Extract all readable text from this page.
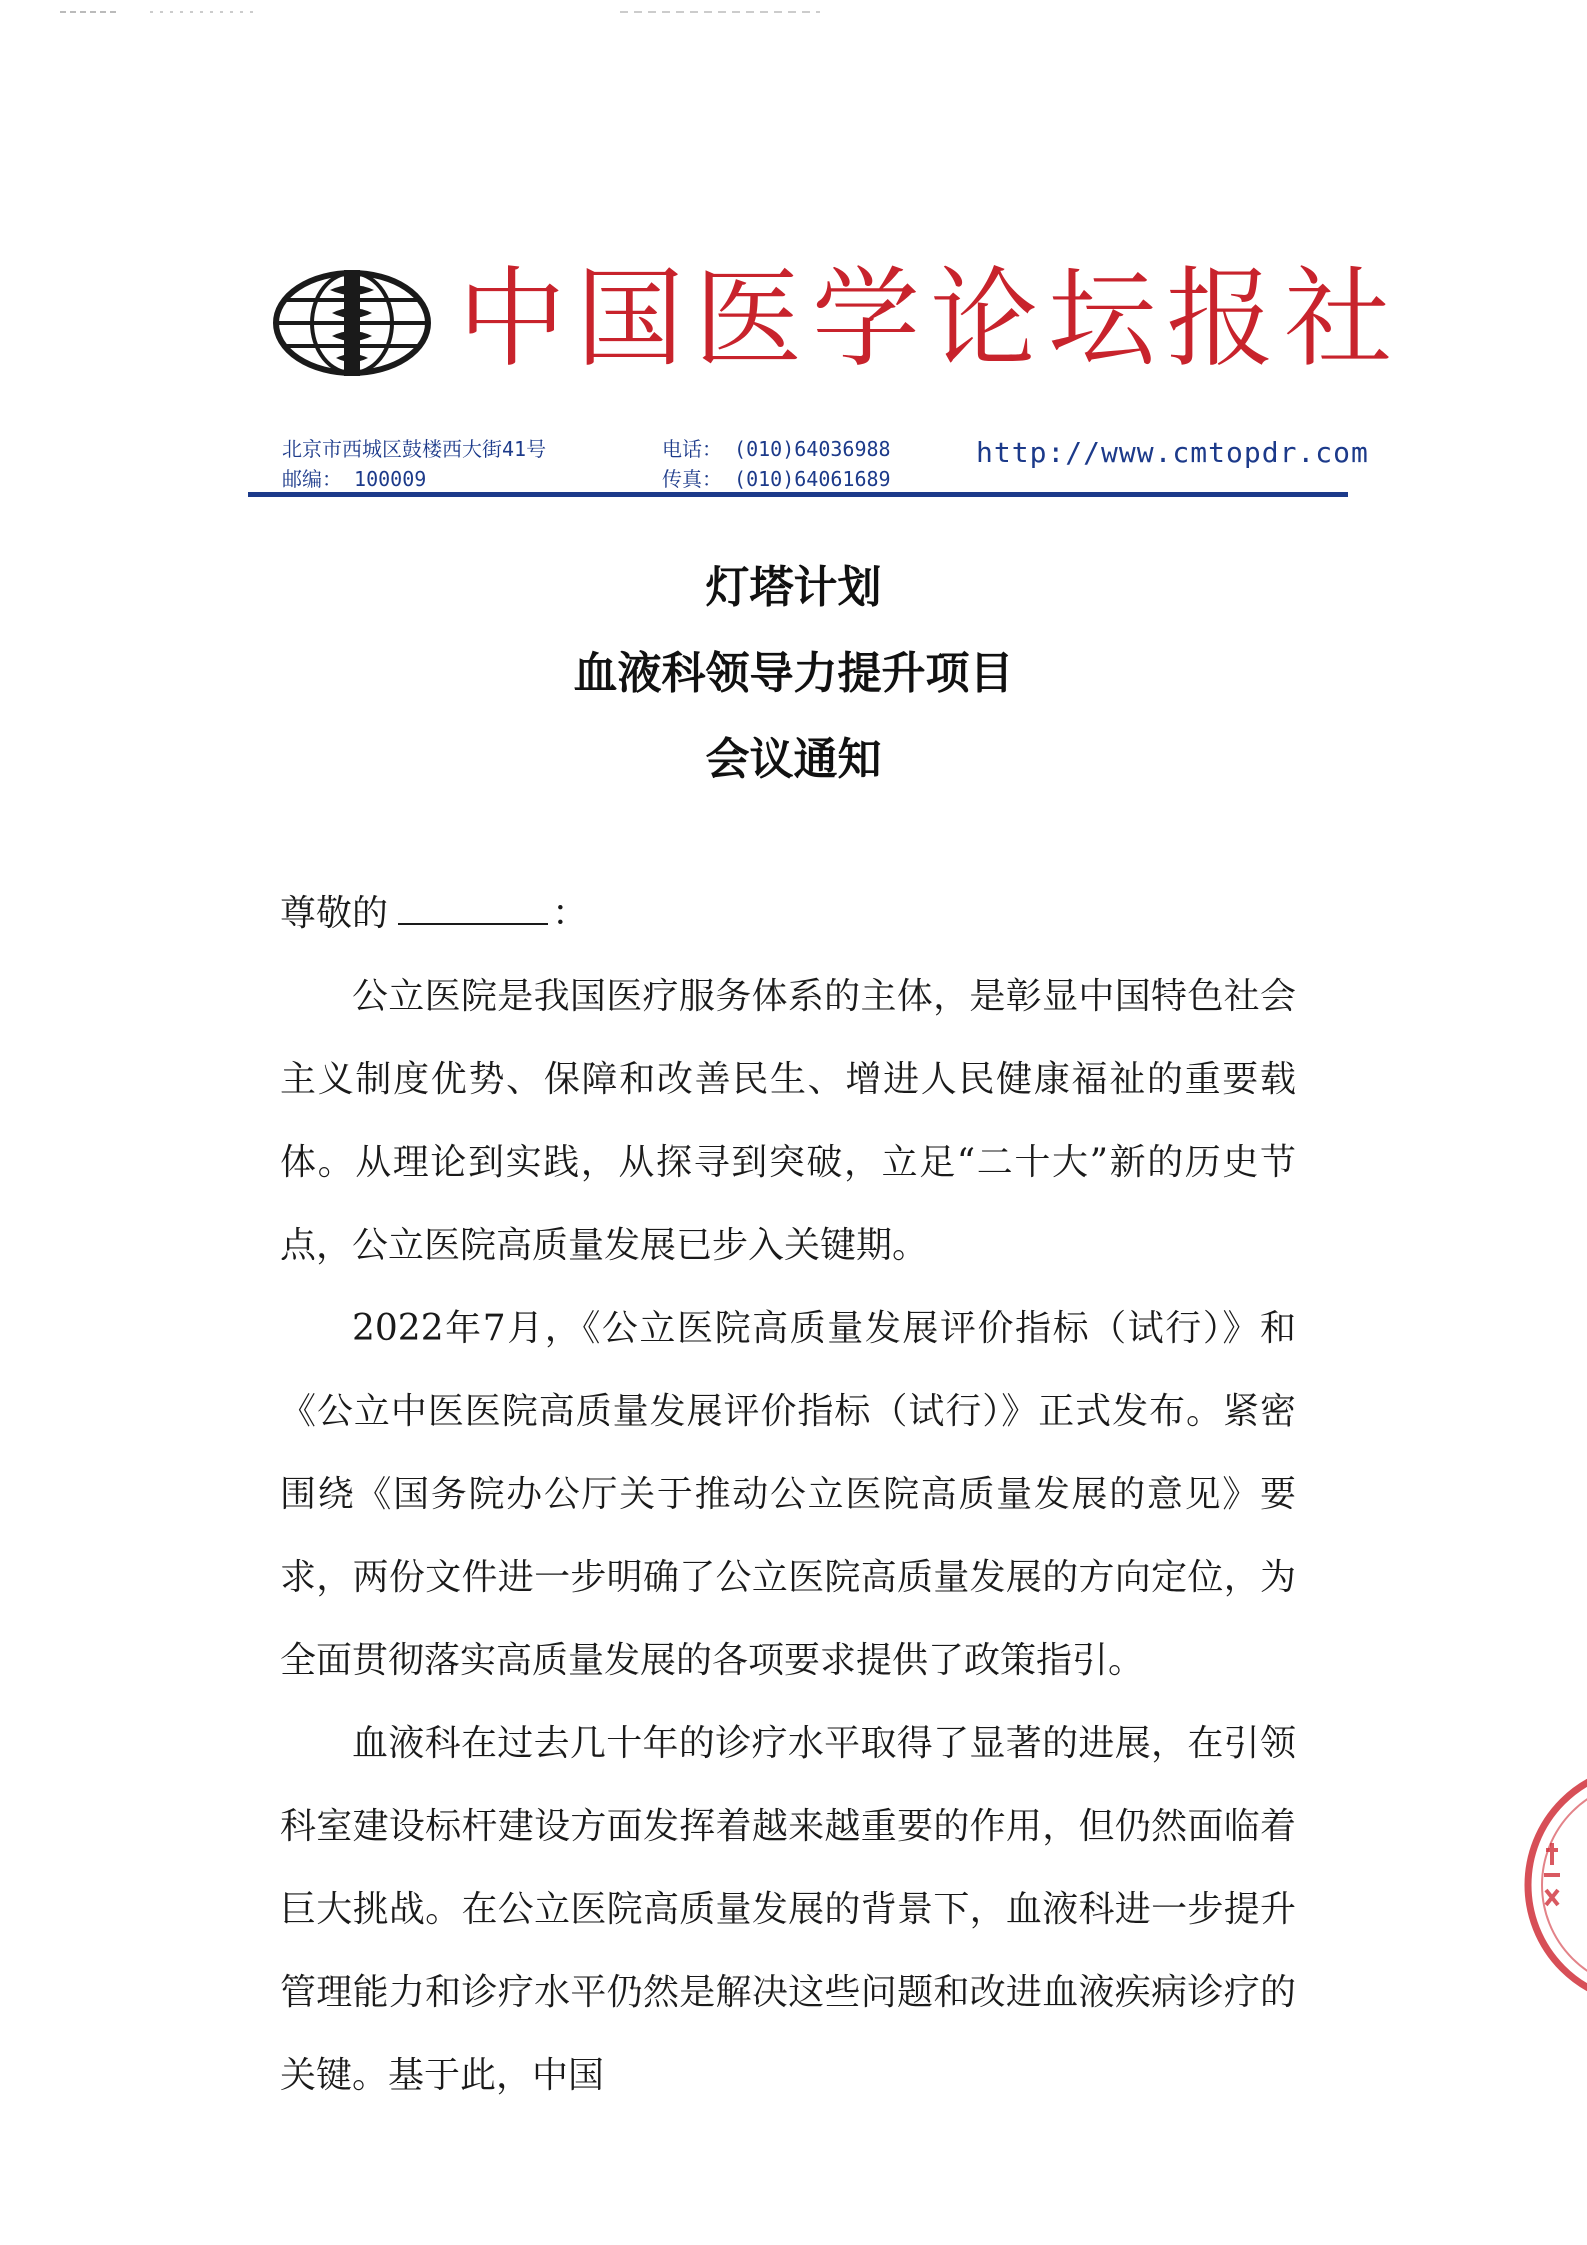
中 国 医 学 论 坛 报 社
北京市西城区鼓楼西大街41号
邮编： 100009
电话： (010)64036988
传真： (010)64061689
http://www.cmtopdr.com
灯塔计划
血液科领导力提升项目
会议通知

尊敬的	：

公立医院是我国医疗服务体系的主体，是彰显中国特色社会主义制度优势、保障和改善民生、增进人民健康福祉的重要载体。从理论到实践，从探寻到突破，立足“二十大”新的历史节点，公立医院高质量发展已步入关键期。

2022年7月，《公立医院高质量发展评价指标（试行）》和《公立中医医院高质量发展评价指标（试行）》正式发布。紧密围绕《国务院办公厅关于推动公立医院高质量发展的意见》要求，两份文件进一步明确了公立医院高质量发展的方向定位，为全面贯彻落实高质量发展的各项要求提供了政策指引。

血液科在过去几十年的诊疗水平取得了显著的进展，在引领科室建设标杆建设方面发挥着越来越重要的作用，但仍然面临着巨大挑战。在公立医院高质量发展的背景下，血液科进一步提升管理能力和诊疗水平仍然是解决这些问题和改进血液疾病诊疗的关键。基于此，中国
